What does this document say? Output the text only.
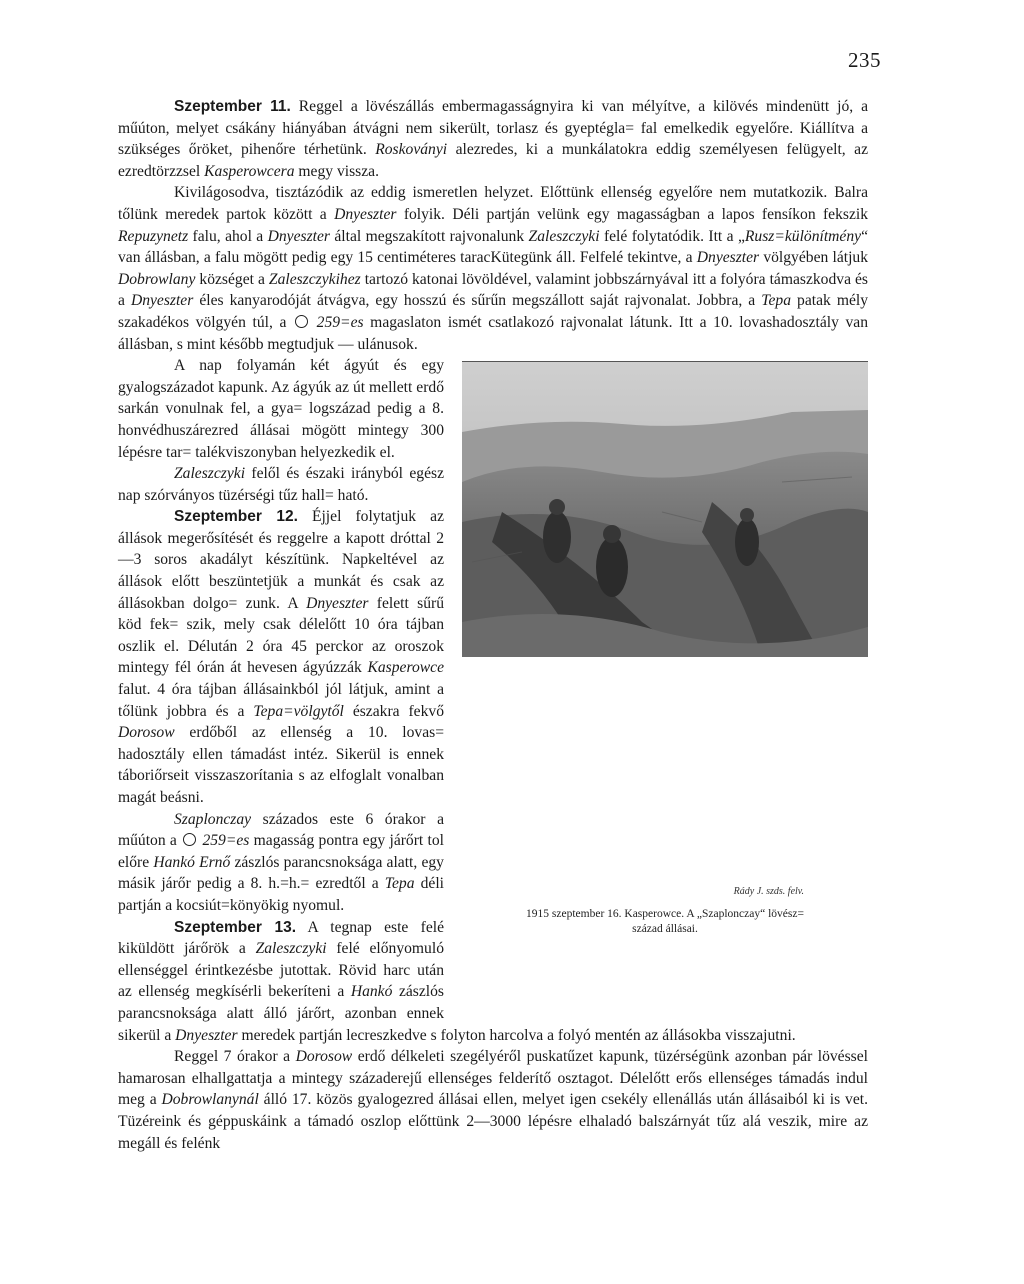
235

Szeptember 11. Reggel a lövészállás embermagasságnyira ki van mélyítve, a kilövés mindenütt jó, a műúton, melyet csákány hiányában átvágni nem sikerült, torlasz és gyeptégla= fal emelkedik egyelőre. Kiállítva a szükséges őröket, pihenőre térhetünk. Roskoványi alezredes, ki a munkálatokra eddig személyesen felügyelt, az ezredtörzzsel Kasperowcera megy vissza.

Kivilágosodva, tisztázódik az eddig ismeretlen helyzet. Előttünk ellenség egyelőre nem mutatkozik. Balra tőlünk meredek partok között a Dnyeszter folyik. Déli partján velünk egy magasságban a lapos fensíkon fekszik Repuzynetz falu, ahol a Dnyeszter által megszakított rajvonalunk Zaleszczyki felé folytatódik. Itt a „Rusz=különítmény“ van állásban, a falu mögött pedig egy 15 centiméteres taracKütegünk áll. Felfelé tekintve, a Dnyeszter völgyében látjuk Dobrowlany községet a Zaleszczykihez tartozó katonai lövöldével, valamint jobbszárnyával itt a folyóra támaszkodva és a Dnyeszter éles kanyarodóját átvágva, egy hosszú és sűrűn megszállott saját rajvonalat. Jobbra, a Tepa patak mély szakadékos völgyén túl, a  259=es magaslaton ismét csatlakozó rajvonalat látunk. Itt a 10. lovashadosztály van állásban, s mint később megtudjuk — ulánusok.

Rády J. szds. felv.
1915 szeptember 16. Kasperowce. A „Szaplonczay“ lövész=
század állásai.

A nap folyamán két ágyút és egy gyalogszázadot kapunk. Az ágyúk az út mellett erdő sarkán vonulnak fel, a gya= logszázad pedig a 8. honvédhuszárezred állásai mögött mintegy 300 lépésre tar= talékviszonyban helyezkedik el.

Zaleszczyki felől és északi irányból egész nap szórványos tüzérségi tűz hall= ható.

Szeptember 12. Éjjel folytatjuk az állások megerősítését és reggelre a kapott dróttal 2—3 soros akadályt készítünk. Napkeltével az állások előtt beszüntetjük a munkát és csak az állásokban dolgo= zunk. A Dnyeszter felett sűrű köd fek= szik, mely csak délelőtt 10 óra tájban oszlik el. Délután 2 óra 45 perckor az oroszok mintegy fél órán át hevesen ágyúzzák Kasperowce falut. 4 óra tájban állásainkból jól látjuk, amint a tőlünk jobbra és a Tepa=völgytől északra fekvő Dorosow erdőből az ellenség a 10. lovas= hadosztály ellen támadást intéz. Sikerül is ennek táboriőrseit visszaszorítania s az elfoglalt vonalban magát beásni.

Szaplonczay százados este 6 órakor a műúton a  259=es magasság pontra egy járőrt tol előre Hankó Ernő zászlós parancsnoksága alatt, egy másik járőr pedig a 8. h.=h.= ezredtől a Tepa déli partján a kocsiút=könyökig nyomul.

Szeptember 13. A tegnap este felé kiküldött járőrök a Zaleszczyki felé előnyomuló ellenséggel érintkezésbe jutottak. Rövid harc után az ellenség megkísérli bekeríteni a Hankó zászlós parancsnoksága alatt álló járőrt, azonban ennek sikerül a Dnyeszter meredek partján lecreszkedve s folyton harcolva a folyó mentén az állásokba visszajutni.

Reggel 7 órakor a Dorosow erdő délkeleti szegélyéről puskatűzet kapunk, tüzérségünk azonban pár lövéssel hamarosan elhallgattatja a mintegy századerejű ellenséges felderítő osztagot. Délelőtt erős ellenséges támadás indul meg a Dobrowlanynál álló 17. közös gyalogezred állásai ellen, melyet igen csekély ellenállás után állásaiból ki is vet. Tüzéreink és géppuskáink a támadó oszlop előttünk 2—3000 lépésre elhaladó balszárnyát tűz alá veszik, mire az megáll és felénk
